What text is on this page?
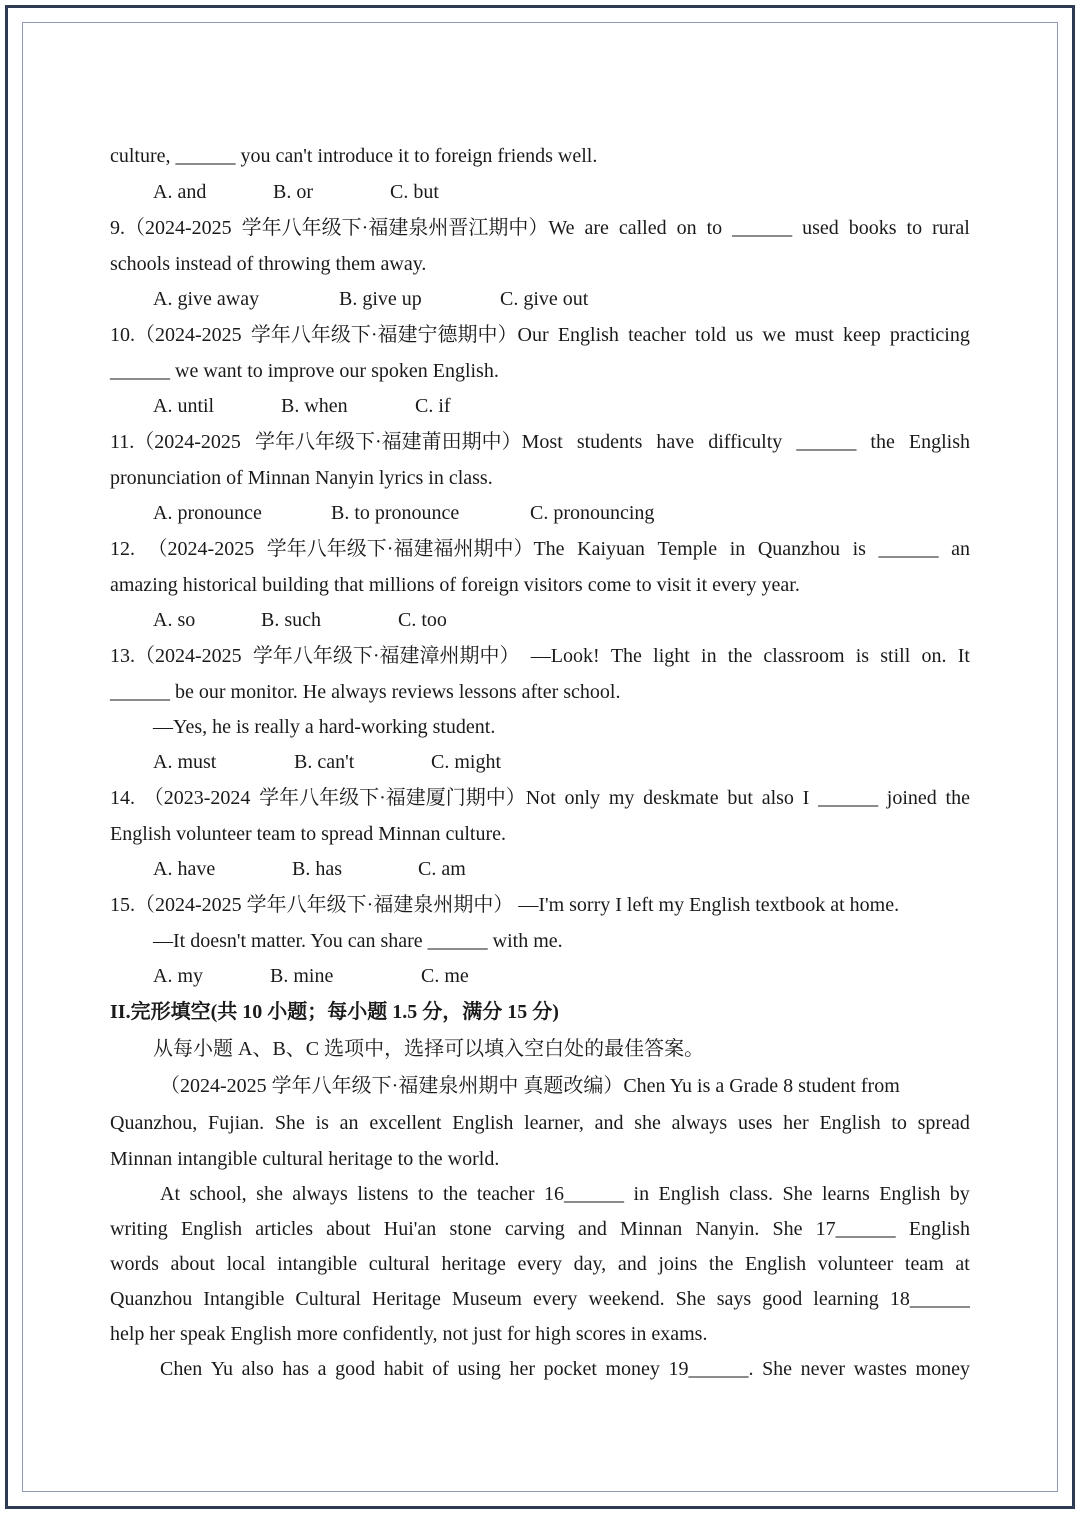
culture, ______ you can't introduce it to foreign friends well.
A. and	B. or	C. but
9.（2024-2025 学年八年级下·福建泉州晋江期中）We are called on to ______ used books to rural
schools instead of throwing them away.
A. give away	B. give up	C. give out
10.（2024-2025 学年八年级下·福建宁德期中）Our English teacher told us we must keep practicing
______ we want to improve our spoken English.
A. until	B. when	C. if
11.（2024-2025 学年八年级下·福建莆田期中）Most students have difficulty ______ the English
pronunciation of Minnan Nanyin lyrics in class.
A. pronounce	B. to pronounce	C. pronouncing
12. （2024-2025 学年八年级下·福建福州期中）The Kaiyuan Temple in Quanzhou is ______ an
amazing historical building that millions of foreign visitors come to visit it every year.
A. so	B. such	C. too
13.（2024-2025 学年八年级下·福建漳州期中） —Look! The light in the classroom is still on. It
______ be our monitor. He always reviews lessons after school.
—Yes, he is really a hard-working student.
A. must	B. can't	C. might
14. （2023-2024 学年八年级下·福建厦门期中）Not only my deskmate but also I ______ joined the
English volunteer team to spread Minnan culture.
A. have	B. has	C. am
15.（2024-2025 学年八年级下·福建泉州期中） —I'm sorry I left my English textbook at home.
—It doesn't matter. You can share ______ with me.
A. my	B. mine	C. me
II.完形填空(共 10 小题；每小题 1.5 分，满分 15 分)
从每小题 A、B、C 选项中，选择可以填入空白处的最佳答案。
（2024-2025 学年八年级下·福建泉州期中 真题改编）Chen Yu is a Grade 8 student from
Quanzhou, Fujian. She is an excellent English learner, and she always uses her English to spread
Minnan intangible cultural heritage to the world.
At school, she always listens to the teacher 16______ in English class. She learns English by
writing English articles about Hui'an stone carving and Minnan Nanyin. She 17______ English
words about local intangible cultural heritage every day, and joins the English volunteer team at
Quanzhou Intangible Cultural Heritage Museum every weekend. She says good learning 18______
help her speak English more confidently, not just for high scores in exams.
Chen Yu also has a good habit of using her pocket money 19______. She never wastes money
